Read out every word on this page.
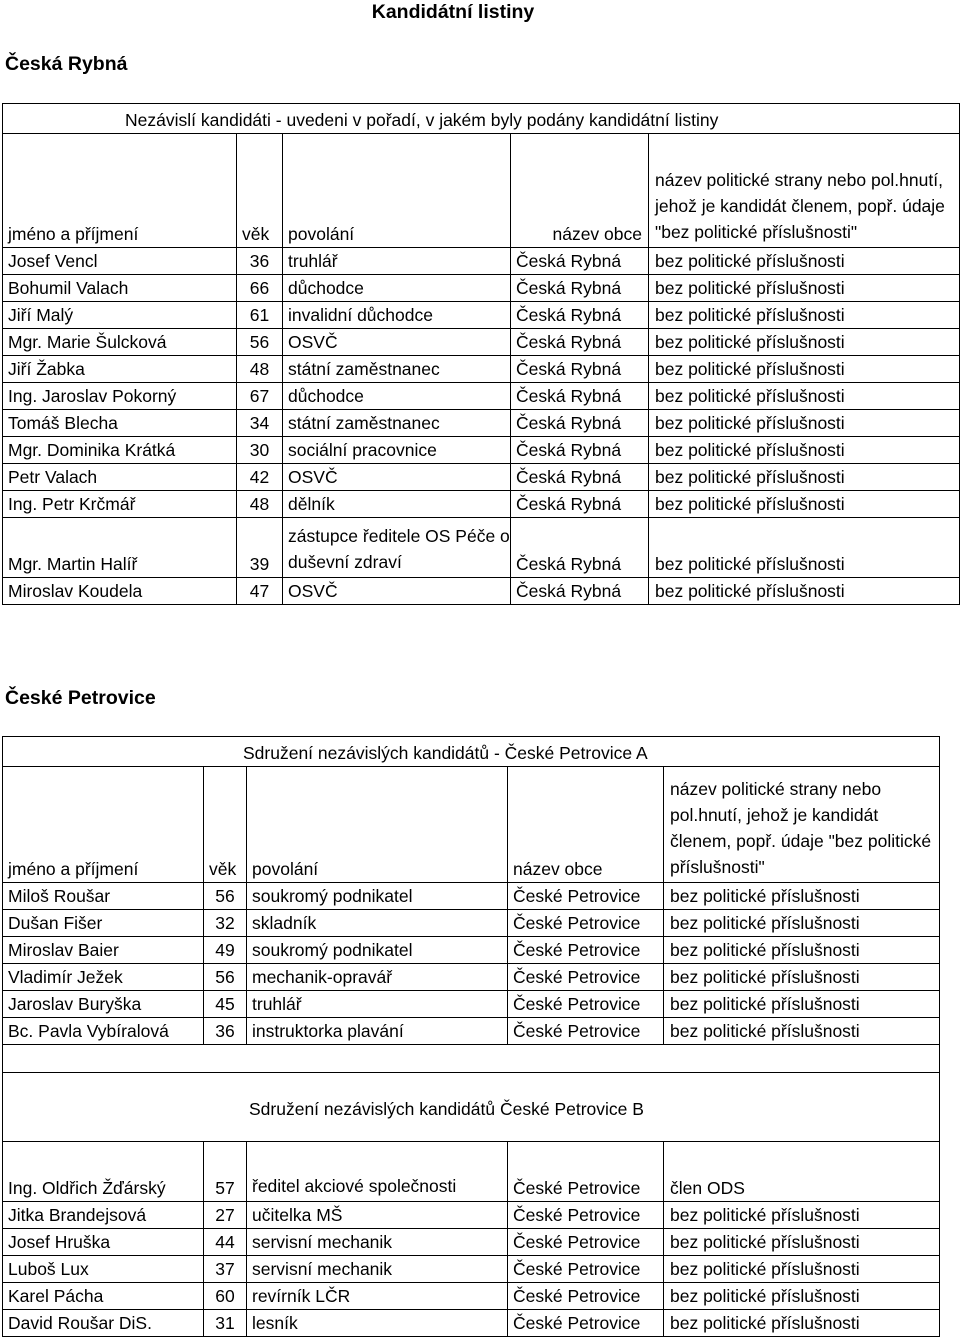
Kandidátní listiny
Česká Rybná
Nezávislí kandidáti - uvedeni v pořadí, v jakém byly podány kandidátní listiny				
jméno a příjmení	věk	povolání	název obce	název politické strany nebo pol.hnutí, jehož je kandidát členem, popř. údaje "bez politické příslušnosti"
Josef Vencl	36	truhlář	Česká Rybná	bez politické příslušnosti
Bohumil Valach	66	důchodce	Česká Rybná	bez politické příslušnosti
Jiří Malý	61	invalidní důchodce	Česká Rybná	bez politické příslušnosti
Mgr. Marie Šulcková	56	OSVČ	Česká Rybná	bez politické příslušnosti
Jiří Žabka	48	státní zaměstnanec	Česká Rybná	bez politické příslušnosti
Ing. Jaroslav Pokorný	67	důchodce	Česká Rybná	bez politické příslušnosti
Tomáš Blecha	34	státní zaměstnanec	Česká Rybná	bez politické příslušnosti
Mgr. Dominika Krátká	30	sociální pracovnice	Česká Rybná	bez politické příslušnosti
Petr Valach	42	OSVČ	Česká Rybná	bez politické příslušnosti
Ing. Petr Krčmář	48	dělník	Česká Rybná	bez politické příslušnosti
Mgr. Martin Halíř	39	zástupce ředitele OS Péče o duševní zdraví	Česká Rybná	bez politické příslušnosti
Miroslav Koudela	47	OSVČ	Česká Rybná	bez politické příslušnosti
České Petrovice
Sdružení nezávislých kandidátů - České Petrovice A				
jméno a příjmení	věk	povolání	název obce	název politické strany nebo pol.hnutí, jehož je kandidát členem, popř. údaje "bez politické příslušnosti"
Miloš Roušar	56	soukromý podnikatel	České Petrovice	bez politické příslušnosti
Dušan Fišer	32	skladník	České Petrovice	bez politické příslušnosti
Miroslav Baier	49	soukromý podnikatel	České Petrovice	bez politické příslušnosti
Vladimír Ježek	56	mechanik-opravář	České Petrovice	bez politické příslušnosti
Jaroslav Buryška	45	truhlář	České Petrovice	bez politické příslušnosti
Bc. Pavla Vybíralová	36	instruktorka plavání	České Petrovice	bez politické příslušnosti

Sdružení nezávislých kandidátů České Petrovice B				
Ing. Oldřich Žďárský	57	ředitel akciové společnosti	České Petrovice	člen ODS
Jitka Brandejsová	27	učitelka MŠ	České Petrovice	bez politické příslušnosti
Josef Hruška	44	servisní mechanik	České Petrovice	bez politické příslušnosti
Luboš Lux	37	servisní mechanik	České Petrovice	bez politické příslušnosti
Karel Pácha	60	revírník LČR	České Petrovice	bez politické příslušnosti
David Roušar DiS.	31	lesník	České Petrovice	bez politické příslušnosti
